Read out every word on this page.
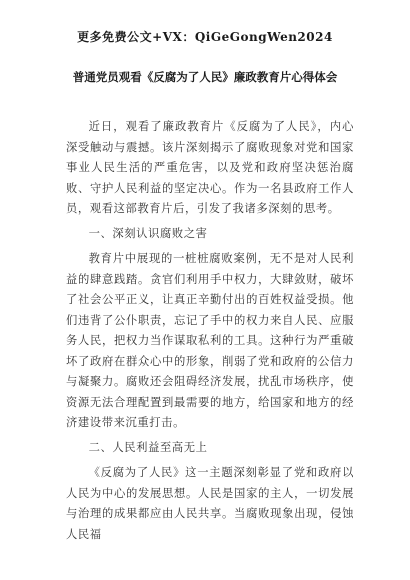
更多免费公文+VX：QiGeGongWen2024
普通党员观看《反腐为了人民》廉政教育片心得体会

近日，观看了廉政教育片《反腐为了人民》，内心深受触动与震撼。该片深刻揭示了腐败现象对党和国家事业人民生活的严重危害，以及党和政府坚决惩治腐败、守护人民利益的坚定决心。作为一名县政府工作人员，观看这部教育片后，引发了我诸多深刻的思考。

一、深刻认识腐败之害

教育片中展现的一桩桩腐败案例，无不是对人民利益的肆意践踏。贪官们利用手中权力，大肆敛财，破坏了社会公平正义，让真正辛勤付出的百姓权益受损。他们违背了公仆职责，忘记了手中的权力来自人民、应服务人民，把权力当作谋取私利的工具。这种行为严重破坏了政府在群众心中的形象，削弱了党和政府的公信力与凝聚力。腐败还会阻碍经济发展，扰乱市场秩序，使资源无法合理配置到最需要的地方，给国家和地方的经济建设带来沉重打击。

二、人民利益至高无上

《反腐为了人民》这一主题深刻彰显了党和政府以人民为中心的发展思想。人民是国家的主人，一切发展与治理的成果都应由人民共享。当腐败现象出现，侵蚀人民福
